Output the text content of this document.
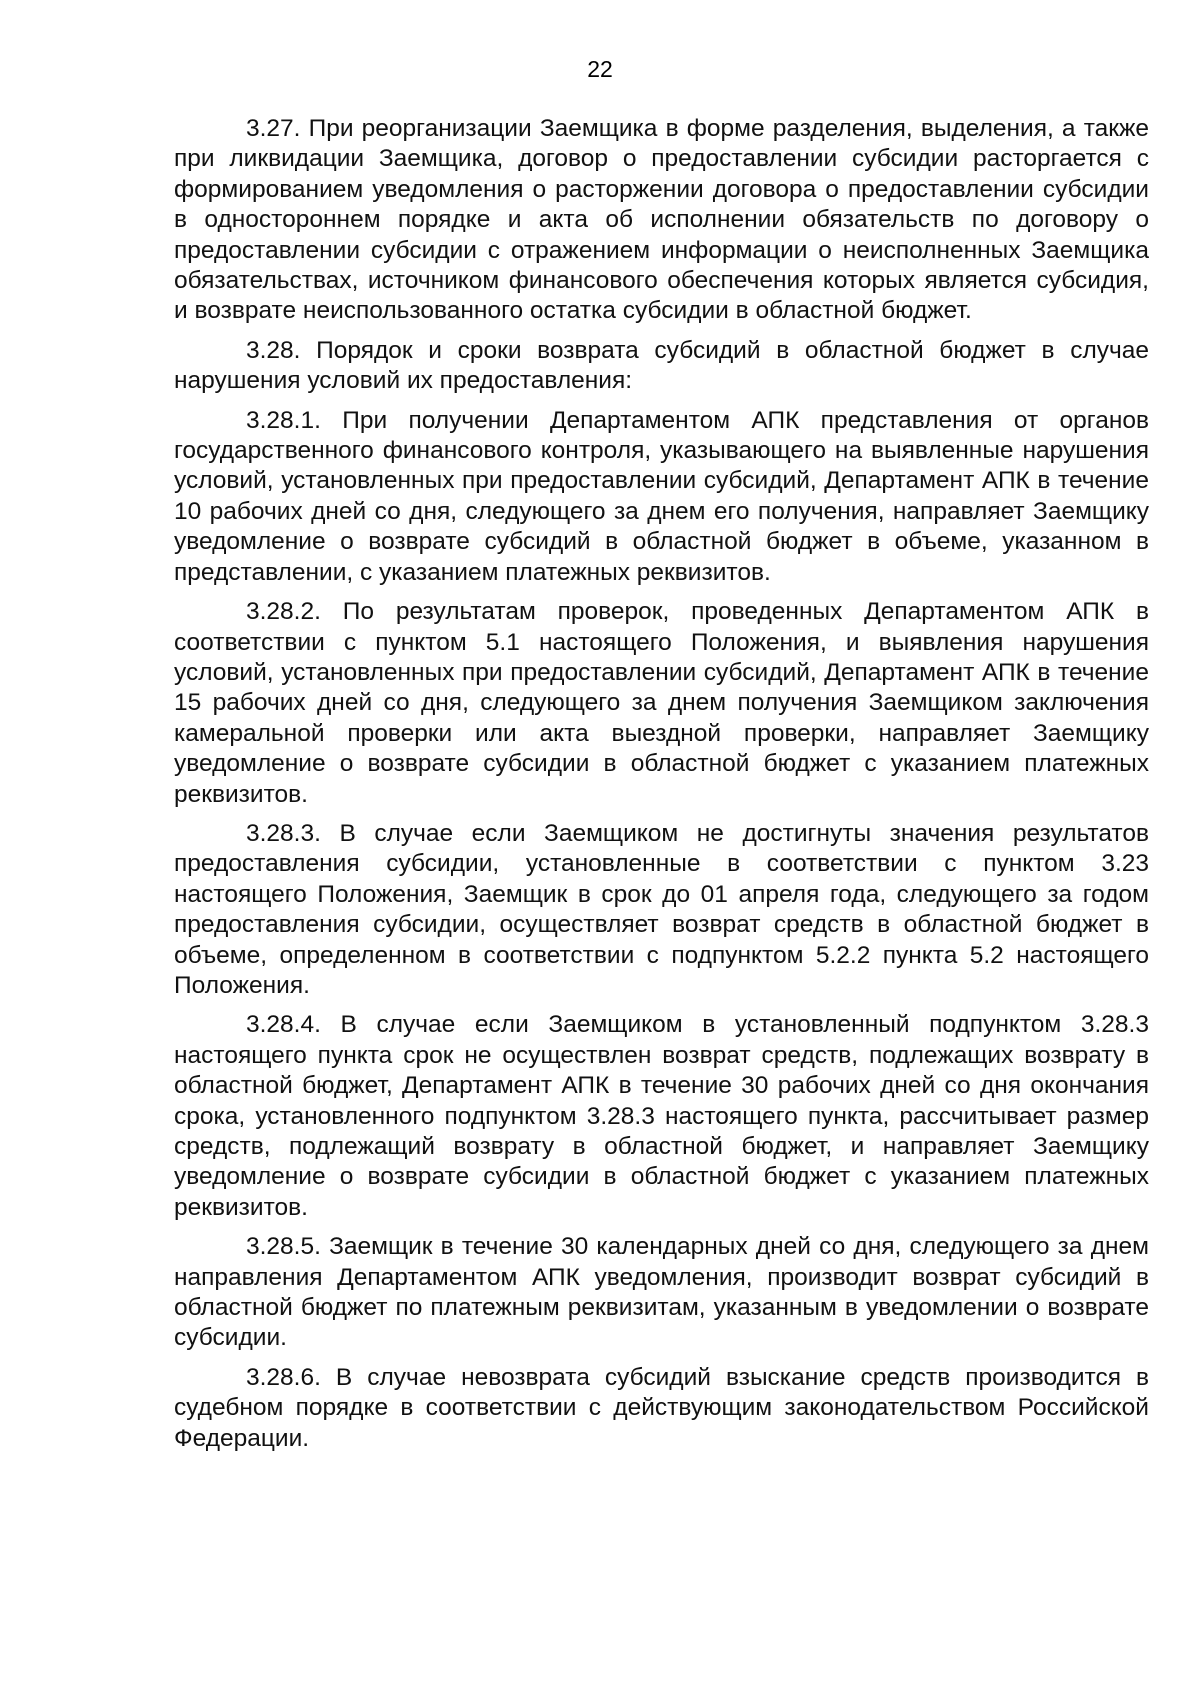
22

3.27. При реорганизации Заемщика в форме разделения, выделения, а также при ликвидации Заемщика, договор о предоставлении субсидии расторгается с формированием уведомления о расторжении договора о предоставлении субсидии в одностороннем порядке и акта об исполнении обязательств по договору о предоставлении субсидии с отражением информации о неисполненных Заемщика обязательствах, источником финансового обеспечения которых является субсидия, и возврате неиспользованного остатка субсидии в областной бюджет.

3.28. Порядок и сроки возврата субсидий в областной бюджет в случае нарушения условий их предоставления:

3.28.1. При получении Департаментом АПК представления от органов государственного финансового контроля, указывающего на выявленные нарушения условий, установленных при предоставлении субсидий, Департамент АПК в течение 10 рабочих дней со дня, следующего за днем его получения, направляет Заемщику уведомление о возврате субсидий в областной бюджет в объеме, указанном в представлении, с указанием платежных реквизитов.

3.28.2. По результатам проверок, проведенных Департаментом АПК в соответствии с пунктом 5.1 настоящего Положения, и выявления нарушения условий, установленных при предоставлении субсидий, Департамент АПК в течение 15 рабочих дней со дня, следующего за днем получения Заемщиком заключения камеральной проверки или акта выездной проверки, направляет Заемщику уведомление о возврате субсидии в областной бюджет с указанием платежных реквизитов.

3.28.3. В случае если Заемщиком не достигнуты значения результатов предоставления субсидии, установленные в соответствии с пунктом 3.23 настоящего Положения, Заемщик в срок до 01 апреля года, следующего за годом предоставления субсидии, осуществляет возврат средств в областной бюджет в объеме, определенном в соответствии с подпунктом 5.2.2 пункта 5.2 настоящего Положения.

3.28.4. В случае если Заемщиком в установленный подпунктом 3.28.3 настоящего пункта срок не осуществлен возврат средств, подлежащих возврату в областной бюджет, Департамент АПК в течение 30 рабочих дней со дня окончания срока, установленного подпунктом 3.28.3 настоящего пункта, рассчитывает размер средств, подлежащий возврату в областной бюджет, и направляет Заемщику уведомление о возврате субсидии в областной бюджет с указанием платежных реквизитов.

3.28.5. Заемщик в течение 30 календарных дней со дня, следующего за днем направления Департаментом АПК уведомления, производит возврат субсидий в областной бюджет по платежным реквизитам, указанным в уведомлении о возврате субсидии.

3.28.6. В случае невозврата субсидий взыскание средств производится в судебном порядке в соответствии с действующим законодательством Российской Федерации.
